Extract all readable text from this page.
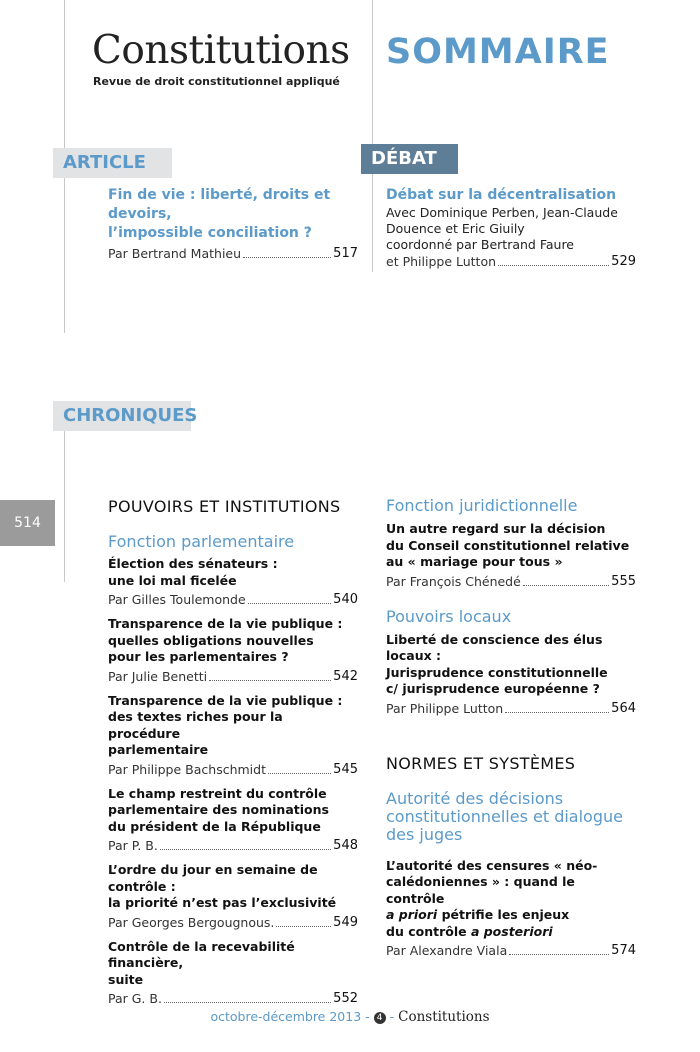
Constitutions
Revue de droit constitutionnel appliqué
SOMMAIRE
ARTICLE
Fin de vie : liberté, droits et devoirs,
l’impossible conciliation ?
Par Bertrand Mathieu	517
DÉBAT
Débat sur la décentralisation
Avec Dominique Perben, Jean-Claude
Douence et Eric Giuily
coordonné par Bertrand Faure
et Philippe Lutton	529
CHRONIQUES
514
POUVOIRS ET INSTITUTIONS
Fonction parlementaire
Élection des sénateurs :
une loi mal ficelée
Par Gilles Toulemonde	540
Transparence de la vie publique :
quelles obligations nouvelles
pour les parlementaires ?
Par Julie Benetti	542
Transparence de la vie publique :
des textes riches pour la procédure
parlementaire
Par Philippe Bachschmidt	545
Le champ restreint du contrôle
parlementaire des nominations
du président de la République
Par P. B.	548
L’ordre du jour en semaine de contrôle :
la priorité n’est pas l’exclusivité
Par Georges Bergougnous.	549
Contrôle de la recevabilité financière,
suite
Par G. B.	552
Fonction juridictionnelle
Un autre regard sur la décision
du Conseil constitutionnel relative
au « mariage pour tous »
Par François Chénedé	555
Pouvoirs locaux
Liberté de conscience des élus locaux :
Jurisprudence constitutionnelle
c/ jurisprudence européenne ?
Par Philippe Lutton	564
NORMES ET SYSTÈMES
Autorité des décisions
constitutionnelles et dialogue
des juges
L’autorité des censures « néo-
calédoniennes » : quand le contrôle
a priori pétrifie les enjeux
du contrôle a posteriori
Par Alexandre Viala	574
octobre-décembre 2013 - 4 - Constitutions
